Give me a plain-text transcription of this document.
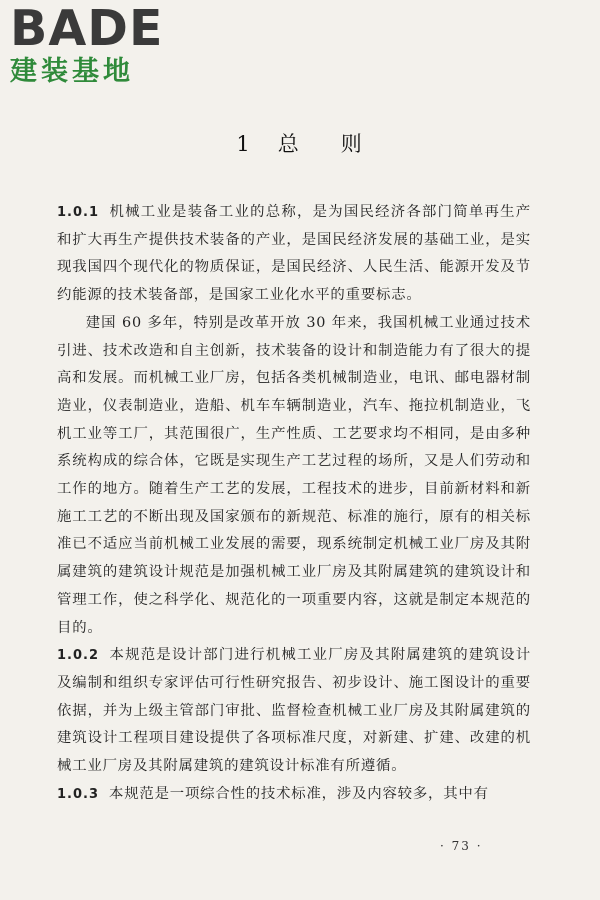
BADE
建装基地
1 总 则

1.0.1 机械工业是装备工业的总称，是为国民经济各部门简单再生产和扩大再生产提供技术装备的产业，是国民经济发展的基础工业，是实现我国四个现代化的物质保证，是国民经济、人民生活、能源开发及节约能源的技术装备部，是国家工业化水平的重要标志。

建国 60 多年，特别是改革开放 30 年来，我国机械工业通过技术引进、技术改造和自主创新，技术装备的设计和制造能力有了很大的提高和发展。而机械工业厂房，包括各类机械制造业，电讯、邮电器材制造业，仪表制造业，造船、机车车辆制造业，汽车、拖拉机制造业，飞机工业等工厂，其范围很广，生产性质、工艺要求均不相同，是由多种系统构成的综合体，它既是实现生产工艺过程的场所，又是人们劳动和工作的地方。随着生产工艺的发展，工程技术的进步，目前新材料和新施工工艺的不断出现及国家颁布的新规范、标准的施行，原有的相关标准已不适应当前机械工业发展的需要，现系统制定机械工业厂房及其附属建筑的建筑设计规范是加强机械工业厂房及其附属建筑的建筑设计和管理工作，使之科学化、规范化的一项重要内容，这就是制定本规范的目的。

1.0.2 本规范是设计部门进行机械工业厂房及其附属建筑的建筑设计及编制和组织专家评估可行性研究报告、初步设计、施工图设计的重要依据，并为上级主管部门审批、监督检查机械工业厂房及其附属建筑的建筑设计工程项目建设提供了各项标准尺度，对新建、扩建、改建的机械工业厂房及其附属建筑的建筑设计标准有所遵循。

1.0.3 本规范是一项综合性的技术标准，涉及内容较多，其中有

· 73 ·
